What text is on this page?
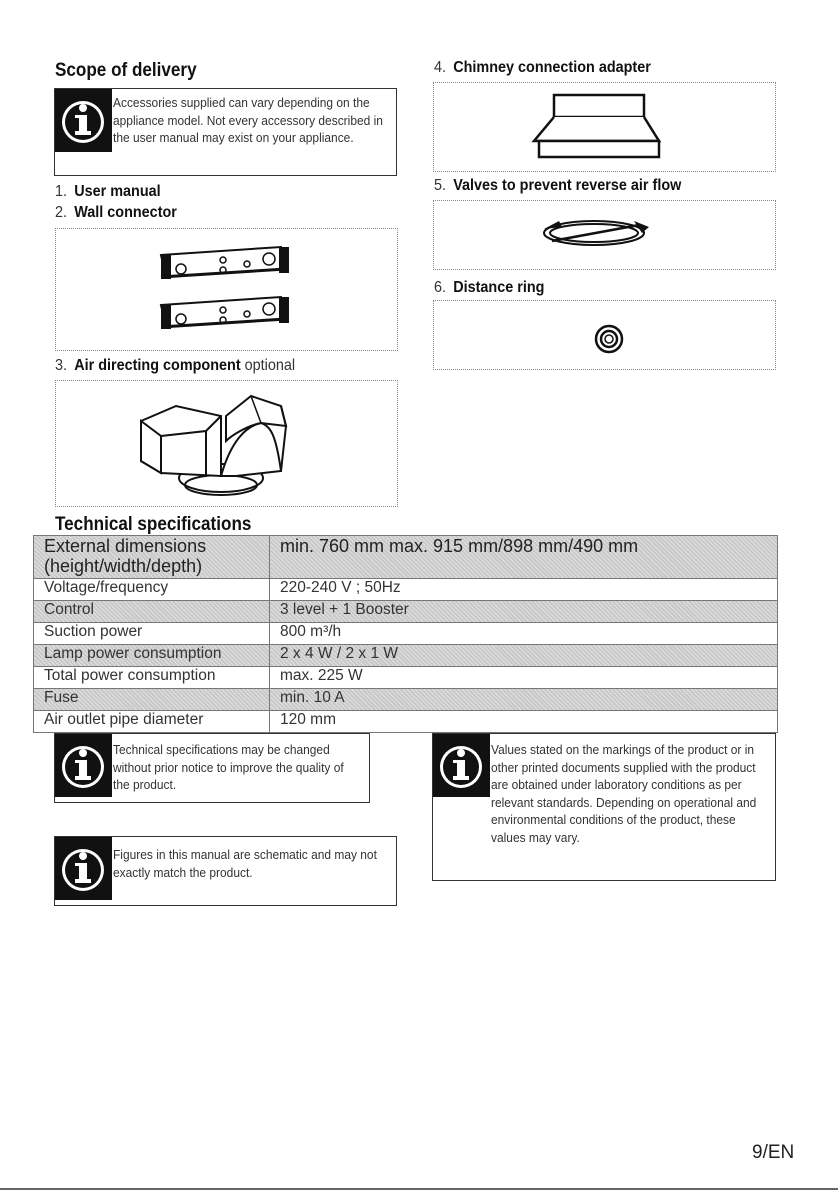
Scope of delivery
Accessories supplied can vary depending on the appliance model. Not every accessory described in the user manual may exist on your appliance.
1. User manual
2. Wall connector
3. Air directing component optional
4. Chimney connection adapter
5. Valves to prevent reverse air flow
6. Distance ring
Technical specifications
External dimensions (height/width/depth)	min. 760 mm max. 915 mm/898 mm/490 mm
Voltage/frequency	220-240 V ; 50Hz
Control	3 level + 1 Booster
Suction power	800 m³/h
Lamp power consumption	2 x 4 W / 2 x 1 W
Total power consumption	max. 225 W
Fuse	min. 10 A
Air outlet pipe diameter	120 mm
Technical specifications may be changed without prior notice to improve the quality of the product.
Figures in this manual are schematic and may not exactly match the product.
Values stated on the markings of the product or in other printed documents supplied with the product are obtained under laboratory conditions as per relevant standards. Depending on operational and environmental conditions of the product, these values may vary.
9/EN
